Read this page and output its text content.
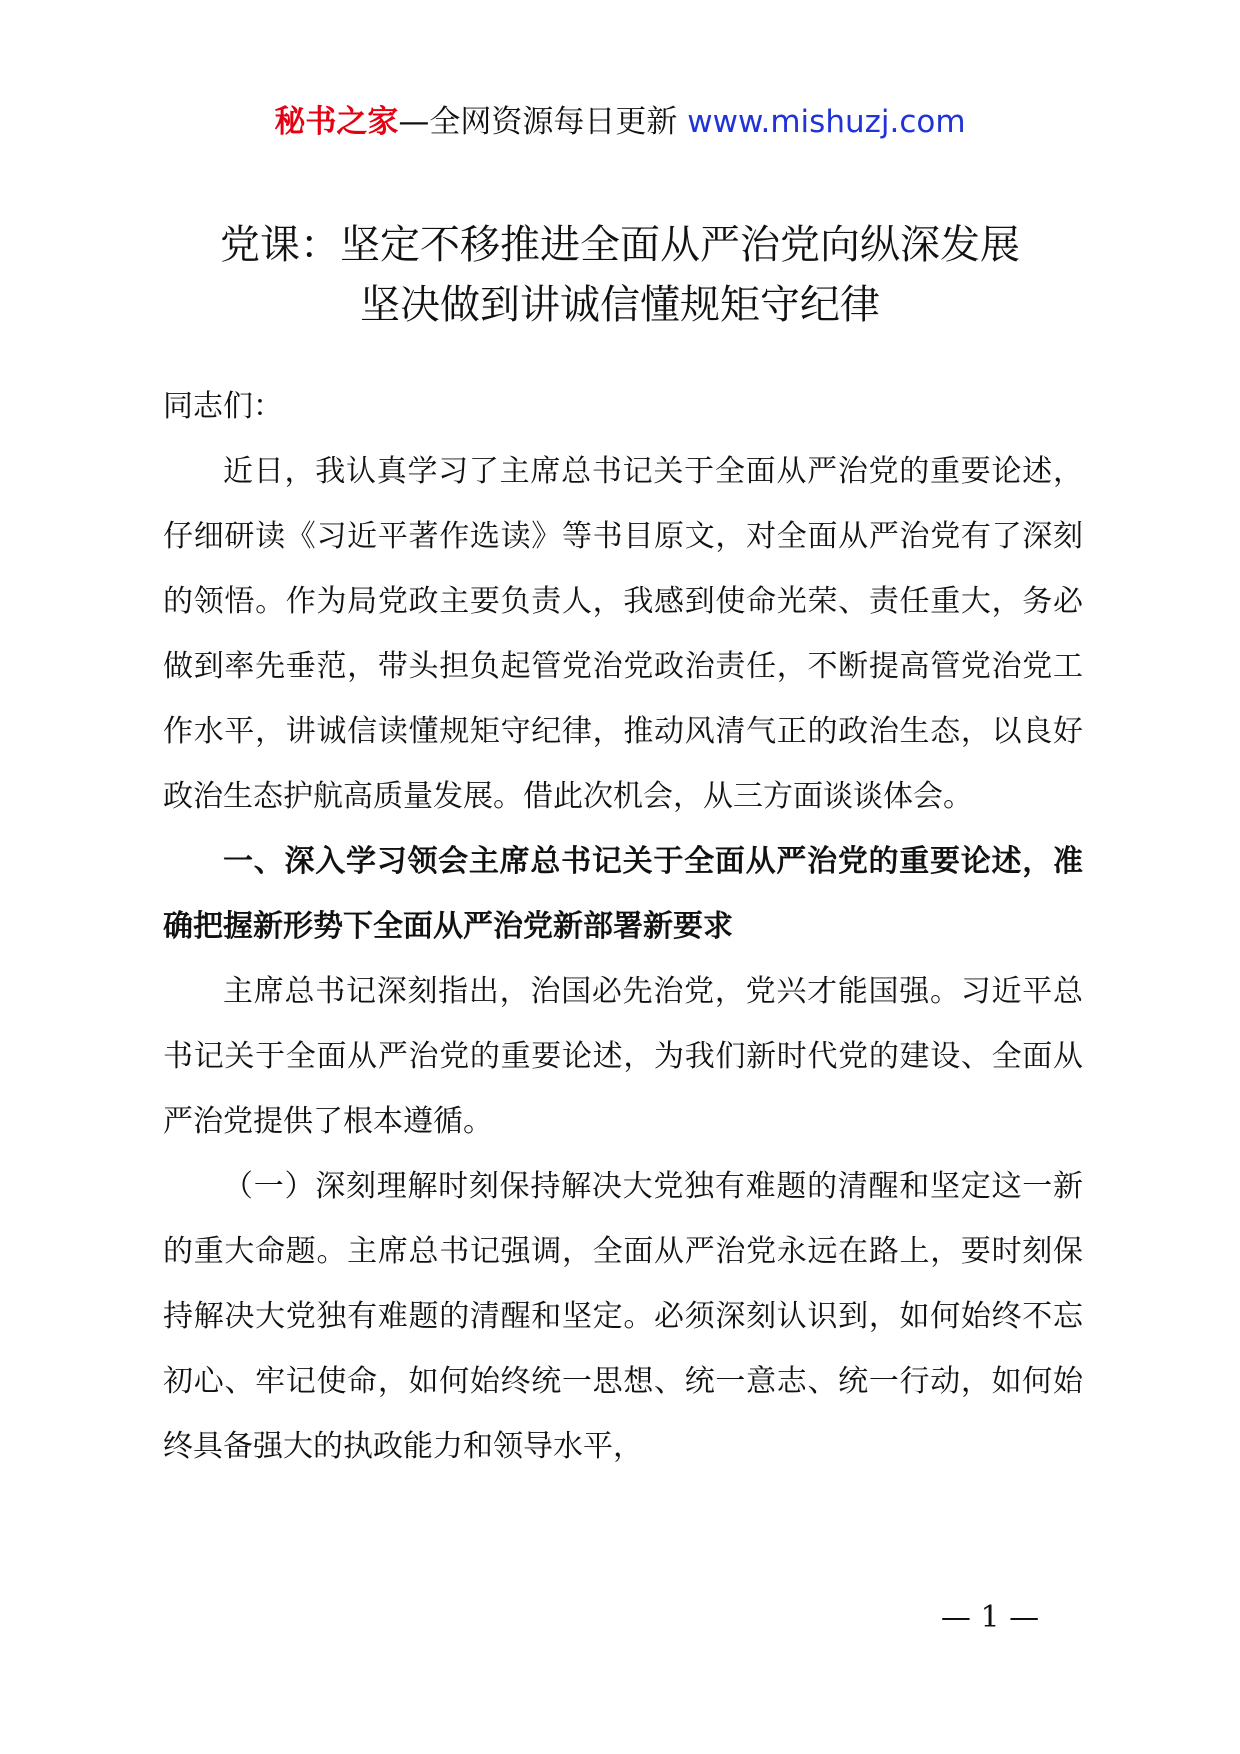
秘书之家—全网资源每日更新 www.mishuzj.com
党课：坚定不移推进全面从严治党向纵深发展
坚决做到讲诚信懂规矩守纪律

同志们：

近日，我认真学习了主席总书记关于全面从严治党的重要论述，仔细研读《习近平著作选读》等书目原文，对全面从严治党有了深刻的领悟。作为局党政主要负责人，我感到使命光荣、责任重大，务必做到率先垂范，带头担负起管党治党政治责任，不断提高管党治党工作水平，讲诚信读懂规矩守纪律，推动风清气正的政治生态，以良好政治生态护航高质量发展。借此次机会，从三方面谈谈体会。

一、深入学习领会主席总书记关于全面从严治党的重要论述，准确把握新形势下全面从严治党新部署新要求

主席总书记深刻指出，治国必先治党，党兴才能国强。习近平总书记关于全面从严治党的重要论述，为我们新时代党的建设、全面从严治党提供了根本遵循。

（一）深刻理解时刻保持解决大党独有难题的清醒和坚定这一新的重大命题。主席总书记强调，全面从严治党永远在路上，要时刻保持解决大党独有难题的清醒和坚定。必须深刻认识到，如何始终不忘初心、牢记使命，如何始终统一思想、统一意志、统一行动，如何始终具备强大的执政能力和领导水平，

— 1 —
